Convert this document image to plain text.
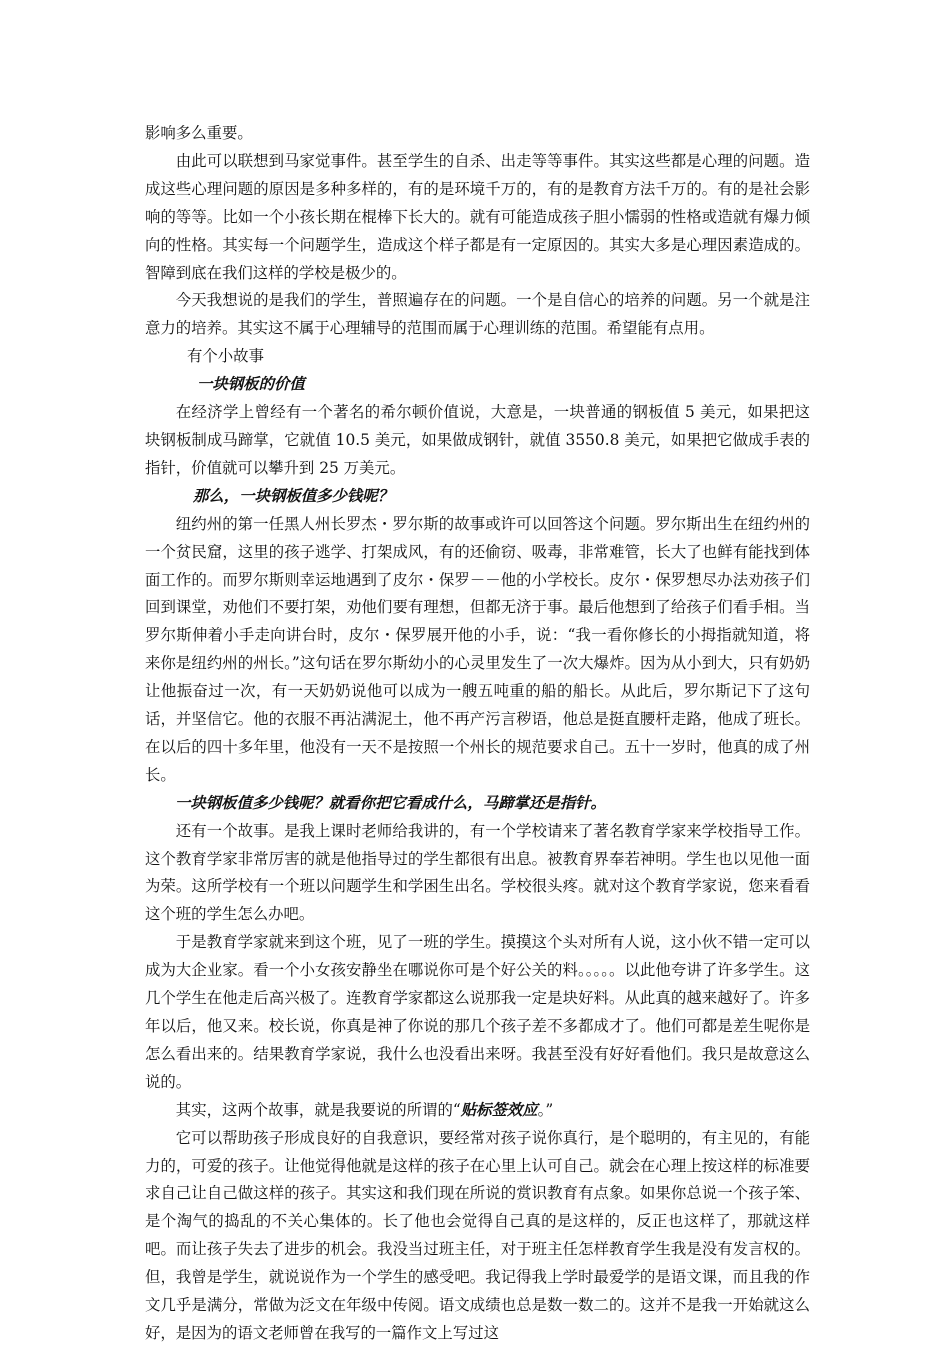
影响多么重要。

由此可以联想到马家觉事件。甚至学生的自杀、出走等等事件。其实这些都是心理的问题。造成这些心理问题的原因是多种多样的，有的是环境千万的，有的是教育方法千万的。有的是社会影响的等等。比如一个小孩长期在棍棒下长大的。就有可能造成孩子胆小懦弱的性格或造就有爆力倾向的性格。其实每一个问题学生，造成这个样子都是有一定原因的。其实大多是心理因素造成的。智障到底在我们这样的学校是极少的。

今天我想说的是我们的学生，普照遍存在的问题。一个是自信心的培养的问题。另一个就是注意力的培养。其实这不属于心理辅导的范围而属于心理训练的范围。希望能有点用。

有个小故事

一块钢板的价值

在经济学上曾经有一个著名的希尔顿价值说，大意是，一块普通的钢板值 5 美元，如果把这块钢板制成马蹄掌，它就值 10.5 美元，如果做成钢针，就值 3550.8 美元，如果把它做成手表的指针，价值就可以攀升到 25 万美元。

那么，一块钢板值多少钱呢？

纽约州的第一任黑人州长罗杰・罗尔斯的故事或许可以回答这个问题。罗尔斯出生在纽约州的一个贫民窟，这里的孩子逃学、打架成风，有的还偷窃、吸毒，非常难管，长大了也鲜有能找到体面工作的。而罗尔斯则幸运地遇到了皮尔・保罗－－他的小学校长。皮尔・保罗想尽办法劝孩子们回到课堂，劝他们不要打架，劝他们要有理想，但都无济于事。最后他想到了给孩子们看手相。当罗尔斯伸着小手走向讲台时，皮尔・保罗展开他的小手，说：“我一看你修长的小拇指就知道，将来你是纽约州的州长。”这句话在罗尔斯幼小的心灵里发生了一次大爆炸。因为从小到大，只有奶奶让他振奋过一次，有一天奶奶说他可以成为一艘五吨重的船的船长。从此后，罗尔斯记下了这句话，并坚信它。他的衣服不再沾满泥土，他不再产污言秽语，他总是挺直腰杆走路，他成了班长。在以后的四十多年里，他没有一天不是按照一个州长的规范要求自己。五十一岁时，他真的成了州长。

一块钢板值多少钱呢？就看你把它看成什么，马蹄掌还是指针。

还有一个故事。是我上课时老师给我讲的，有一个学校请来了著名教育学家来学校指导工作。这个教育学家非常厉害的就是他指导过的学生都很有出息。被教育界奉若神明。学生也以见他一面为荣。这所学校有一个班以问题学生和学困生出名。学校很头疼。就对这个教育学家说，您来看看这个班的学生怎么办吧。

于是教育学家就来到这个班，见了一班的学生。摸摸这个头对所有人说，这小伙不错一定可以成为大企业家。看一个小女孩安静坐在哪说你可是个好公关的料。。。。。以此他夸讲了许多学生。这几个学生在他走后高兴极了。连教育学家都这么说那我一定是块好料。从此真的越来越好了。许多年以后，他又来。校长说，你真是神了你说的那几个孩子差不多都成才了。他们可都是差生呢你是怎么看出来的。结果教育学家说，我什么也没看出来呀。我甚至没有好好看他们。我只是故意这么说的。

其实，这两个故事，就是我要说的所谓的“贴标签效应。”

它可以帮助孩子形成良好的自我意识，要经常对孩子说你真行，是个聪明的，有主见的，有能力的，可爱的孩子。让他觉得他就是这样的孩子在心里上认可自己。就会在心理上按这样的标准要求自己让自己做这样的孩子。其实这和我们现在所说的赏识教育有点象。如果你总说一个孩子笨、是个淘气的捣乱的不关心集体的。长了他也会觉得自己真的是这样的，反正也这样了，那就这样吧。而让孩子失去了进步的机会。我没当过班主任，对于班主任怎样教育学生我是没有发言权的。但，我曾是学生，就说说作为一个学生的感受吧。我记得我上学时最爱学的是语文课，而且我的作文几乎是满分，常做为泛文在年级中传阅。语文成绩也总是数一数二的。这并不是我一开始就这么好，是因为的语文老师曾在我写的一篇作文上写过这
